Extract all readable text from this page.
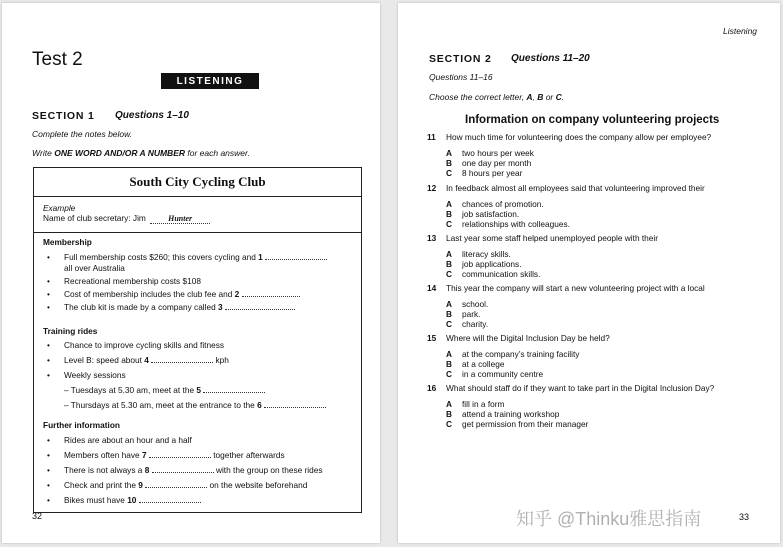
Test 2
LISTENING
SECTION 1 Questions 1–10
Complete the notes below.
Write ONE WORD AND/OR A NUMBER for each answer.
South City Cycling Club
Example
Name of club secretary: Jim	Hunter
Membership
• Full membership costs $260; this covers cycling and 1
all over Australia
• Recreational membership costs $108
• Cost of membership includes the club fee and 2
• The club kit is made by a company called 3
Training rides
• Chance to improve cycling skills and fitness
• Level B: speed about 4	kph
• Weekly sessions
– Tuesdays at 5.30 am, meet at the 5
– Thursdays at 5.30 am, meet at the entrance to the 6
Further information
• Rides are about an hour and a half
• Members often have 7	together afterwards
• There is not always a 8	with the group on these rides
• Check and print the 9	on the website beforehand
• Bikes must have 10
32
Listening
SECTION 2 Questions 11–20
Questions 11–16
Choose the correct letter, A, B or C.
Information on company volunteering projects
11 How much time for volunteering does the company allow per employee?
A two hours per week
B one day per month
C 8 hours per year
12 In feedback almost all employees said that volunteering improved their
A chances of promotion.
B job satisfaction.
C relationships with colleagues.
13 Last year some staff helped unemployed people with their
A literacy skills.
B job applications.
C communication skills.
14 This year the company will start a new volunteering project with a local
A school.
B park.
C charity.
15 Where will the Digital Inclusion Day be held?
A at the company’s training facility
B at a college
C in a community centre
16 What should staff do if they want to take part in the Digital Inclusion Day?
A fill in a form
B attend a training workshop
C get permission from their manager
33
知乎 @Thinku雅思指南
